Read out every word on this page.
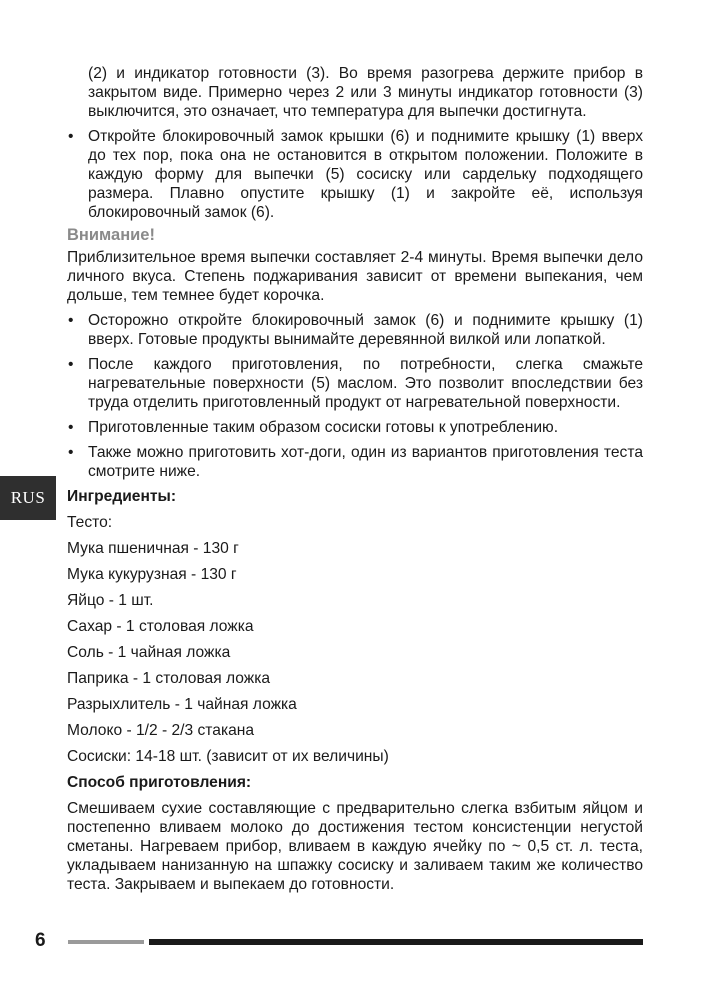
(2) и индикатор готовности (3). Во время разогрева держите прибор в закрытом виде. Примерно через 2 или 3 минуты индикатор готовности (3) выключится, это означает, что температура для выпечки достигнута.

• Откройте блокировочный замок крышки (6) и поднимите крышку (1) вверх до тех пор, пока она не остановится в открытом положении. Положите в каждую форму для выпечки (5) сосиску или сардельку подходящего размера. Плавно опустите крышку (1) и закройте её, используя блокировочный замок (6).
Внимание!

Приблизительное время выпечки составляет 2-4 минуты. Время выпечки дело личного вкуса. Степень поджаривания зависит от времени выпекания, чем дольше, тем темнее будет корочка.

• Осторожно откройте блокировочный замок (6) и поднимите крышку (1) вверх. Готовые продукты вынимайте деревянной вилкой или лопаткой.
• После каждого приготовления, по потребности, слегка смажьте нагревательные поверхности (5) маслом. Это позволит впоследствии без труда отделить приготовленный продукт от нагревательной поверхности.
• Приготовленные таким образом сосиски готовы к употреблению.
• Также можно приготовить хот-доги, один из вариантов приготовления теста смотрите ниже.

Ингредиенты:

Тесто:

Мука пшеничная - 130 г

Мука кукурузная - 130 г

Яйцо - 1 шт.

Сахар - 1 столовая ложка

Соль - 1 чайная ложка

Паприка - 1 столовая ложка

Разрыхлитель - 1 чайная ложка

Молоко - 1/2 - 2/3 стакана

Сосиски: 14-18 шт. (зависит от их величины)

Способ приготовления:

Смешиваем сухие составляющие с предварительно слегка взбитым яйцом и постепенно вливаем молоко до достижения тестом консистенции негустой сметаны. Нагреваем прибор, вливаем в каждую ячейку по ~ 0,5 ст. л. теста, укладываем нанизанную на шпажку сосиску и заливаем таким же количество теста. Закрываем и выпекаем до готовности.

RUS
6
